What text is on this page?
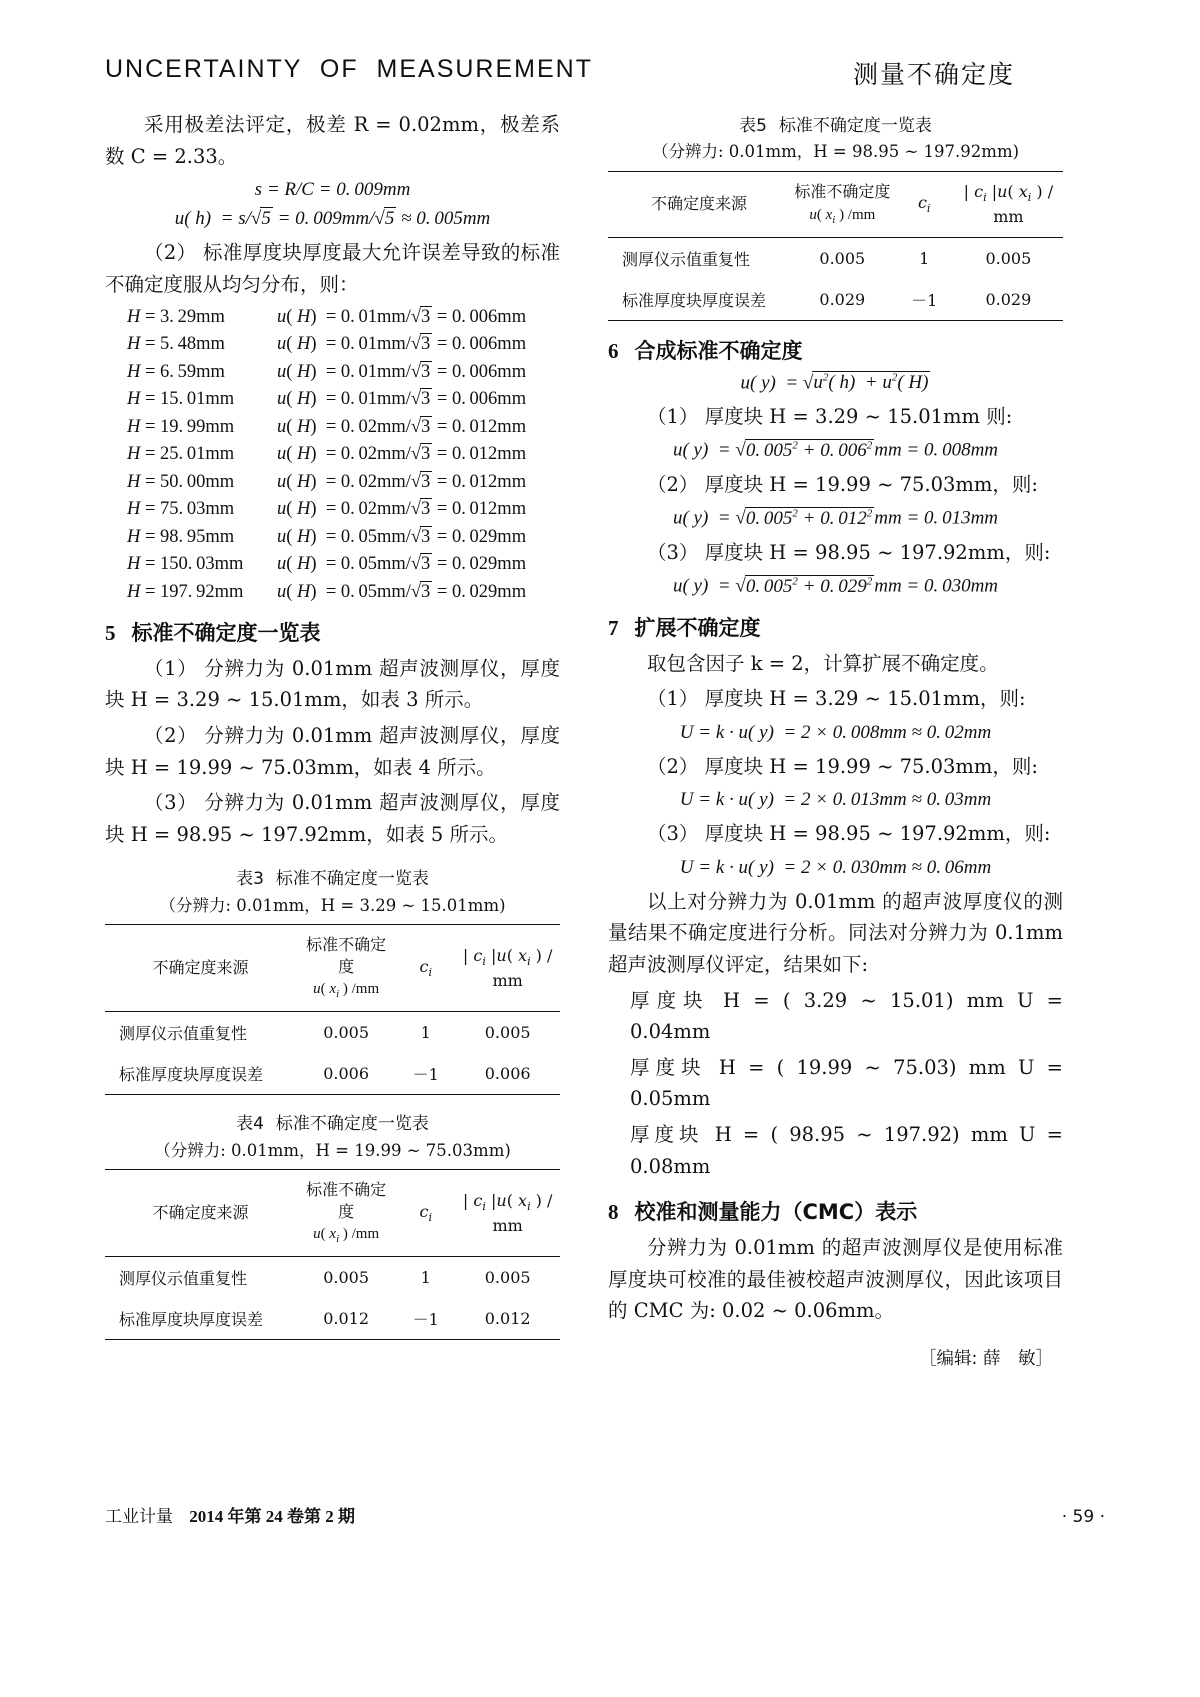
UNCERTAINTY  OF  MEASUREMENT	测量不确定度

采用极差法评定，极差 R = 0.02mm，极差系数 C = 2.33。

s = R/C = 0. 009mm
u( h)  = s/√5 = 0. 009mm/√5 ≈ 0. 005mm

（2） 标准厚度块厚度最大允许误差导致的标准不确定度服从均匀分布，则：

H = 3. 29mm	u( H)  = 0. 01mm/√3 = 0. 006mm
H = 5. 48mm	u( H)  = 0. 01mm/√3 = 0. 006mm
H = 6. 59mm	u( H)  = 0. 01mm/√3 = 0. 006mm
H = 15. 01mm u( H)  = 0. 01mm/√3 = 0. 006mm
H = 19. 99mm u( H)  = 0. 02mm/√3 = 0. 012mm
H = 25. 01mm u( H)  = 0. 02mm/√3 = 0. 012mm
H = 50. 00mm u( H)  = 0. 02mm/√3 = 0. 012mm
H = 75. 03mm u( H)  = 0. 02mm/√3 = 0. 012mm
H = 98. 95mm u( H)  = 0. 05mm/√3 = 0. 029mm
H = 150. 03mm u( H)  = 0. 05mm/√3 = 0. 029mm
H = 197. 92mm u( H)  = 0. 05mm/√3 = 0. 029mm
5 标准不确定度一览表

（1） 分辨力为 0.01mm 超声波测厚仪，厚度块 H = 3.29 ~ 15.01mm，如表 3 所示。

（2） 分辨力为 0.01mm 超声波测厚仪，厚度块 H = 19.99 ~ 75.03mm，如表 4 所示。

（3） 分辨力为 0.01mm 超声波测厚仪，厚度块 H = 98.95 ~ 197.92mm，如表 5 所示。

表3 标准不确定度一览表
（分辨力: 0.01mm，H = 3.29 ~ 15.01mm)
不确定度来源	标准不确定度
u( $x_i$ ) /mm	$c_i$	| $c_i$ |u( $x_i$ ) /
mm
测厚仪示值重复性	0.005	1	0.005
标准厚度块厚度误差	0.006	－1	0.006
表4 标准不确定度一览表
（分辨力: 0.01mm，H = 19.99 ~ 75.03mm)
不确定度来源	标准不确定度
u( $x_i$ ) /mm	$c_i$	| $c_i$ |u( $x_i$ ) /
mm
测厚仪示值重复性	0.005	1	0.005
标准厚度块厚度误差	0.012	－1	0.012
表5 标准不确定度一览表
（分辨力: 0.01mm，H = 98.95 ~ 197.92mm)
不确定度来源	标准不确定度
u( $x_i$ ) /mm	$c_i$	| $c_i$ |u( $x_i$ ) /
mm
测厚仪示值重复性	0.005	1	0.005
标准厚度块厚度误差	0.029	－1	0.029
6 合成标准不确定度
u( $y) = √u^2$( $h) + u^2$( H)

（1） 厚度块 H = 3.29 ~ 15.01mm 则:

u( y)  = √0. $005^2 + 0$. $006^2$ mm = 0. 008mm

（2） 厚度块 H = 19.99 ~ 75.03mm，则:

u( y)  = √0. $005^2 + 0$. $012^2$ mm = 0. 013mm

（3） 厚度块 H = 98.95 ~ 197.92mm，则:

u( y)  = √0. $005^2 + 0$. $029^2$ mm = 0. 030mm
7 扩展不确定度

取包含因子 k = 2，计算扩展不确定度。

（1） 厚度块 H = 3.29 ~ 15.01mm，则:

U = k · u( y)  = 2 × 0. 008mm ≈ 0. 02mm

（2） 厚度块 H = 19.99 ~ 75.03mm，则:

U = k · u( y)  = 2 × 0. 013mm ≈ 0. 03mm

（3） 厚度块 H = 98.95 ~ 197.92mm，则:

U = k · u( y)  = 2 × 0. 030mm ≈ 0. 06mm

以上对分辨力为 0.01mm 的超声波厚度仪的测量结果不确定度进行分析。同法对分辨力为 0.1mm 超声波测厚仪评定，结果如下:

厚度块 H = ( 3.29 ~ 15.01) mm U = 0.04mm

厚度块 H = ( 19.99 ~ 75.03) mm U = 0.05mm

厚度块 H = ( 98.95 ~ 197.92) mm U = 0.08mm

8 校准和测量能力（CMC）表示

分辨力为 0.01mm 的超声波测厚仪是使用标准厚度块可校准的最佳被校超声波测厚仪，因此该项目的 CMC 为: 0.02 ~ 0.06mm。

［编辑: 薛　敏］
工业计量 2014 年第 24 卷第 2 期	· 59 ·
